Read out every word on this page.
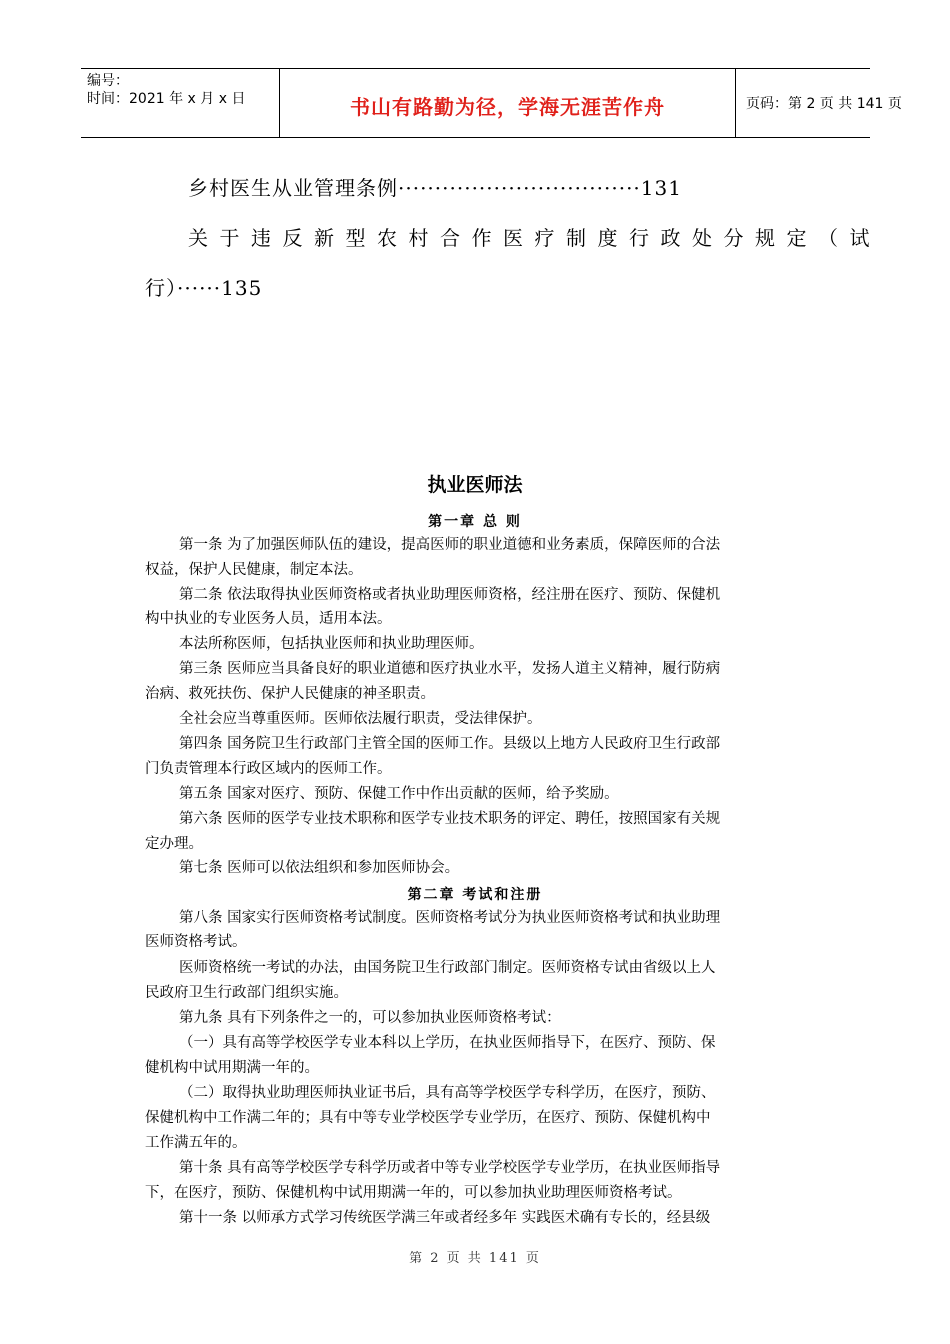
编号：
时间：2021 年 x 月 x 日	书山有路勤为径，学海无涯苦作舟	页码：第 2 页 共 141 页
乡村医生从业管理条例·································131
关于违反新型农村合作医疗制度行政处分规定（试
行）······135
执业医师法
第一章 总 则
第一条 为了加强医师队伍的建设，提高医师的职业道德和业务素质，保障医师的合法
权益，保护人民健康，制定本法。
第二条 依法取得执业医师资格或者执业助理医师资格，经注册在医疗、预防、保健机
构中执业的专业医务人员，适用本法。
本法所称医师，包括执业医师和执业助理医师。
第三条 医师应当具备良好的职业道德和医疗执业水平，发扬人道主义精神，履行防病
治病、救死扶伤、保护人民健康的神圣职责。
全社会应当尊重医师。医师依法履行职责，受法律保护。
第四条 国务院卫生行政部门主管全国的医师工作。县级以上地方人民政府卫生行政部
门负责管理本行政区域内的医师工作。
第五条 国家对医疗、预防、保健工作中作出贡献的医师，给予奖励。
第六条 医师的医学专业技术职称和医学专业技术职务的评定、聘任，按照国家有关规
定办理。
第七条 医师可以依法组织和参加医师协会。
第二章 考试和注册
第八条 国家实行医师资格考试制度。医师资格考试分为执业医师资格考试和执业助理
医师资格考试。
医师资格统一考试的办法，由国务院卫生行政部门制定。医师资格专试由省级以上人
民政府卫生行政部门组织实施。
第九条 具有下列条件之一的，可以参加执业医师资格考试：
（一）具有高等学校医学专业本科以上学历，在执业医师指导下，在医疗、预防、保
健机构中试用期满一年的。
（二）取得执业助理医师执业证书后，具有高等学校医学专科学历，在医疗，预防、
保健机构中工作满二年的；具有中等专业学校医学专业学历，在医疗、预防、保健机构中
工作满五年的。
第十条 具有高等学校医学专科学历或者中等专业学校医学专业学历，在执业医师指导
下，在医疗，预防、保健机构中试用期满一年的，可以参加执业助理医师资格考试。
第十一条 以师承方式学习传统医学满三年或者经多年 实践医术确有专长的，经县级
第 2 页 共 141 页
